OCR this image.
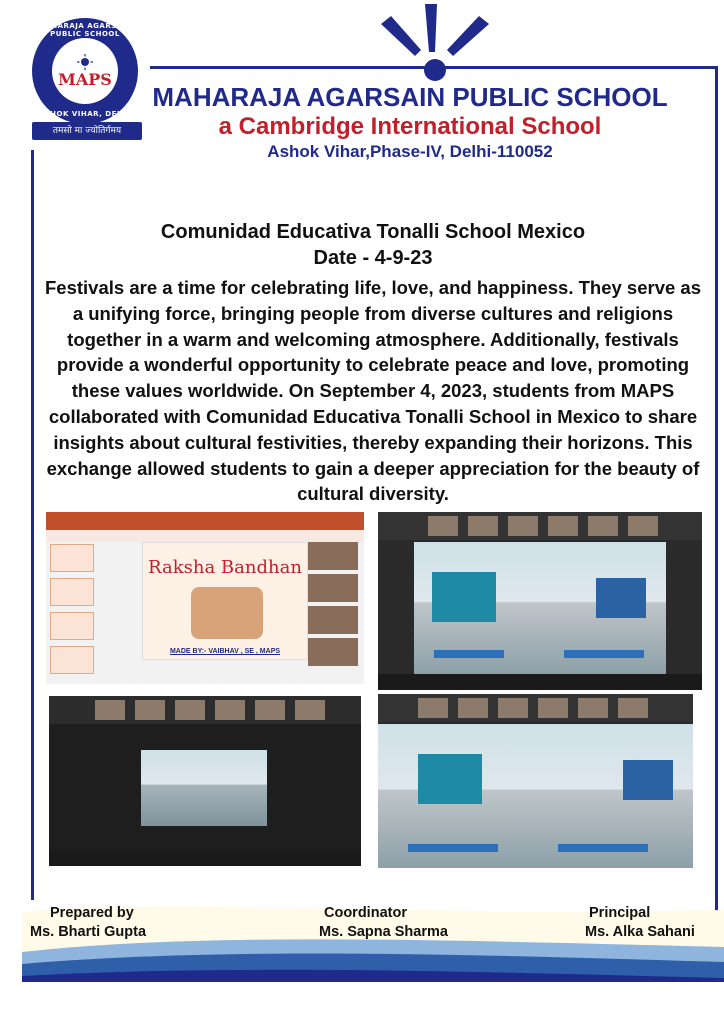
MAHARAJA AGARSAIN PUBLIC SCHOOL
MAPS
ASHOK VIHAR, DELHI
तमसो मा ज्योतिर्गमय
MAHARAJA AGARSAIN PUBLIC SCHOOL
a Cambridge International School
Ashok Vihar,Phase-IV, Delhi-110052
Comunidad Educativa Tonalli School Mexico
Date - 4-9-23
Festivals are a time for celebrating life, love, and happiness. They serve as a unifying force, bringing people from diverse cultures and religions together in a warm and welcoming atmosphere. Additionally, festivals provide a wonderful opportunity to celebrate peace and love, promoting these values worldwide. On September 4, 2023, students from MAPS collaborated with Comunidad Educativa Tonalli School in Mexico to share insights about cultural festivities, thereby expanding their horizons. This exchange allowed students to gain a deeper appreciation for the beauty of cultural diversity.
Raksha Bandhan
MADE BY:- VAIBHAV , SE , MAPS
Prepared by
Ms. Bharti Gupta
Coordinator
Ms. Sapna Sharma
Principal
Ms. Alka Sahani
